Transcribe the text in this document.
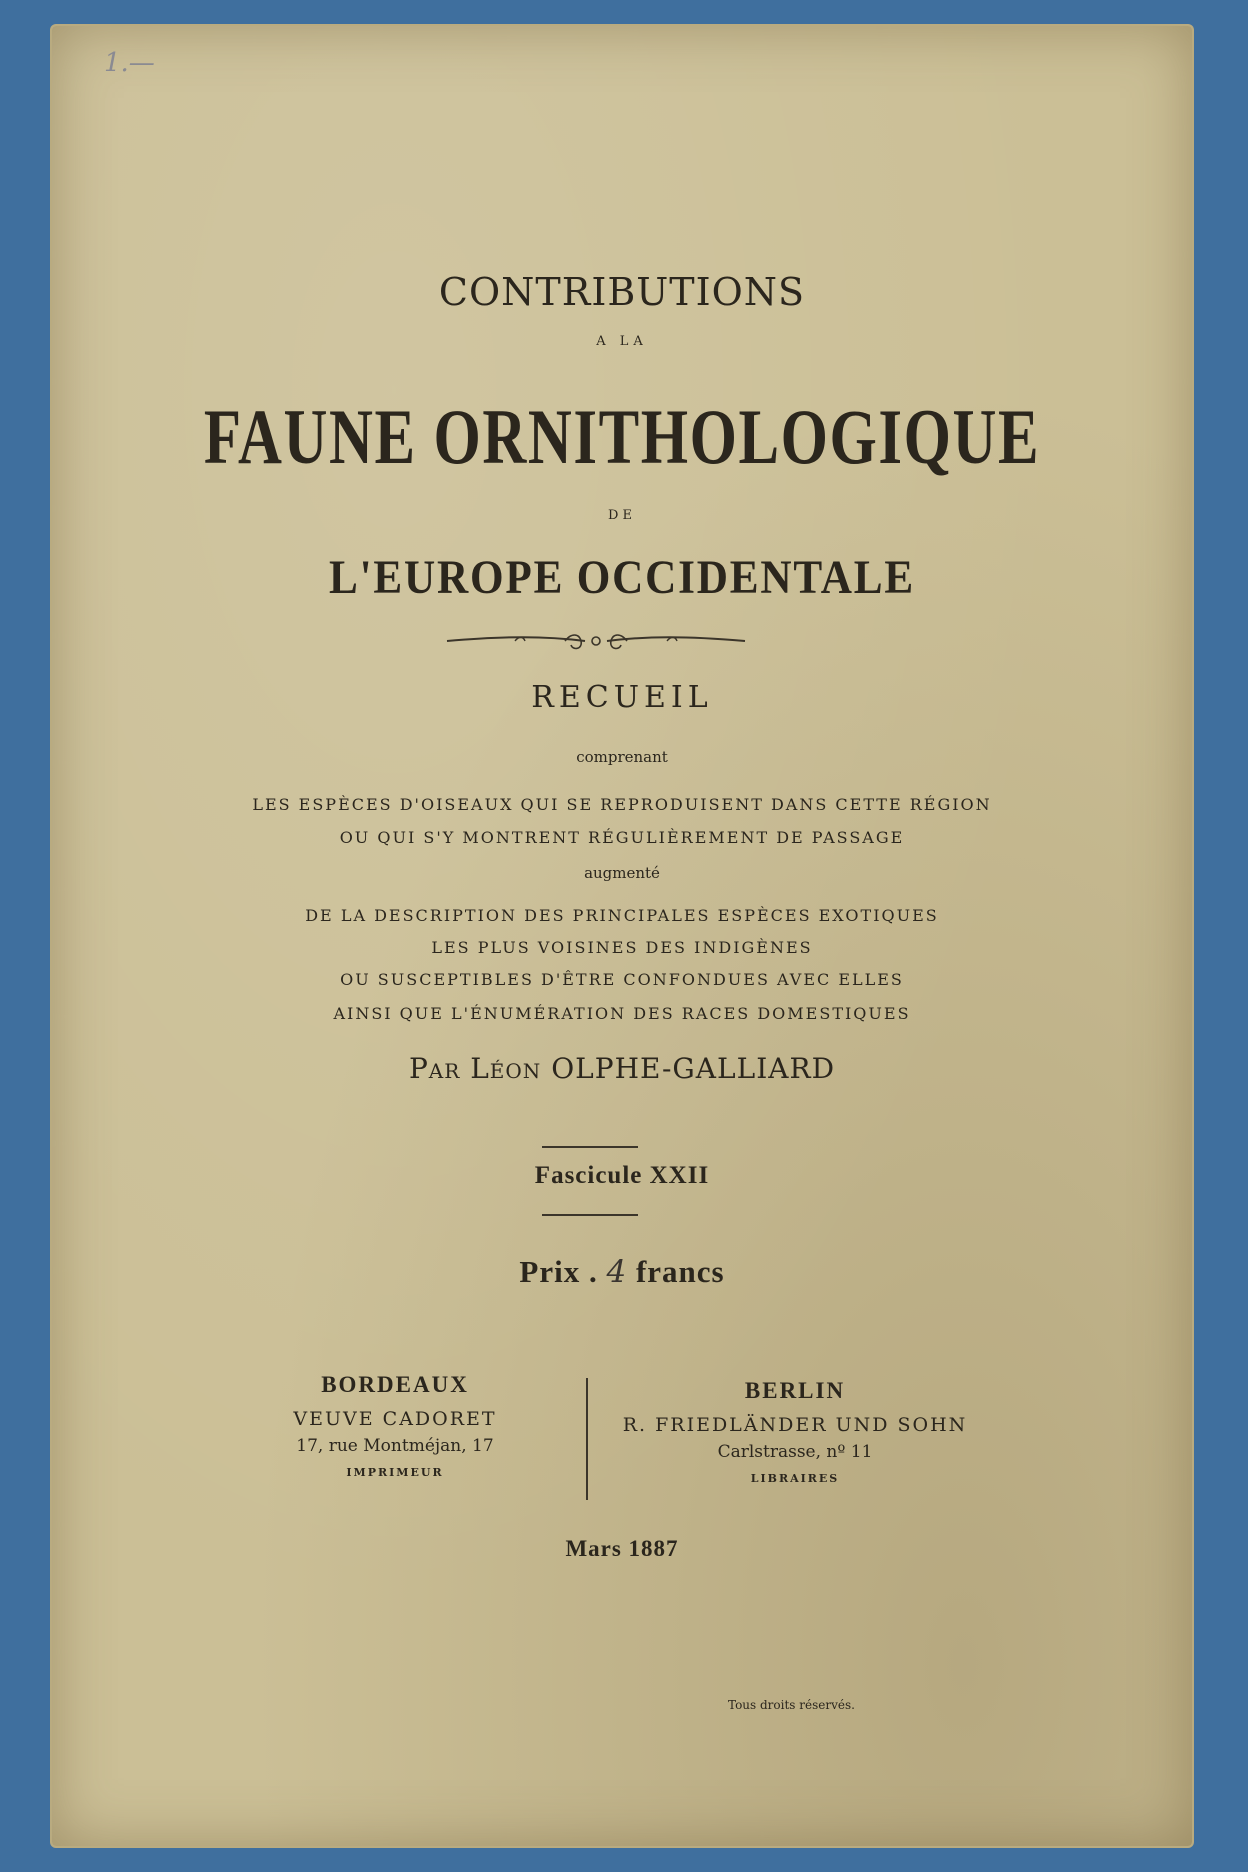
1.—
CONTRIBUTIONS
A LA
FAUNE ORNITHOLOGIQUE
DE
L'EUROPE OCCIDENTALE
RECUEIL
comprenant
LES ESPÈCES D'OISEAUX QUI SE REPRODUISENT DANS CETTE RÉGION
OU QUI S'Y MONTRENT RÉGULIÈREMENT DE PASSAGE
augmenté
DE LA DESCRIPTION DES PRINCIPALES ESPÈCES EXOTIQUES
LES PLUS VOISINES DES INDIGÈNES
OU SUSCEPTIBLES D'ÊTRE CONFONDUES AVEC ELLES
AINSI QUE L'ÉNUMÉRATION DES RACES DOMESTIQUES
Par Léon OLPHE-GALLIARD
Fascicule XXII
Prix . 4 francs
BORDEAUX
VEUVE CADORET
17, rue Montméjan, 17
IMPRIMEUR
BERLIN
R. FRIEDLÄNDER UND SOHN
Carlstrasse, nº 11
LIBRAIRES
Mars 1887
Tous droits réservés.
